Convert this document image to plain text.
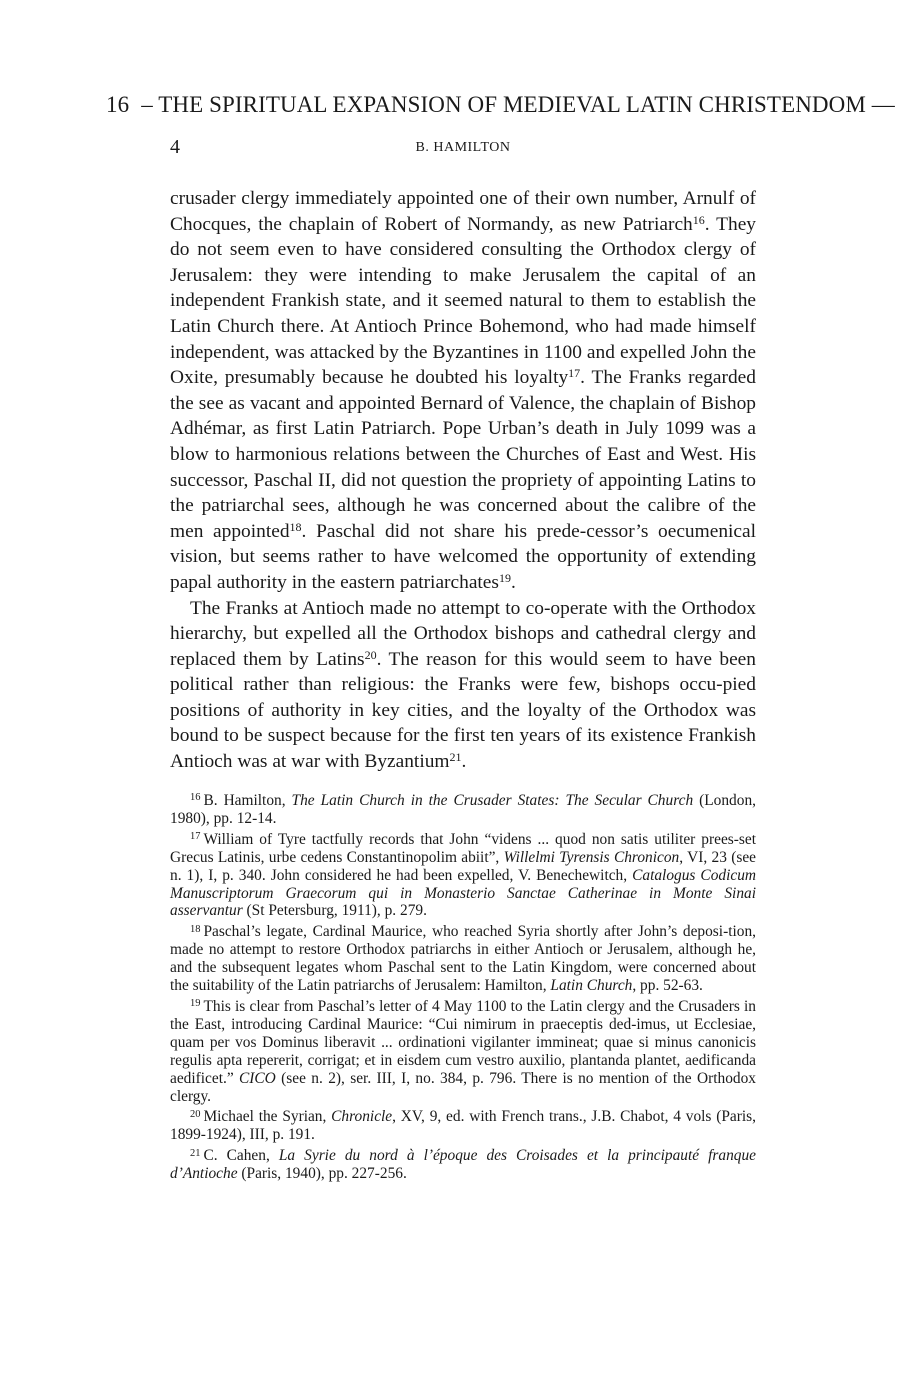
16 – THE SPIRITUAL EXPANSION OF MEDIEVAL LATIN CHRISTENDOM —
4	B. HAMILTON

crusader clergy immediately appointed one of their own number, Arnulf of Chocques, the chaplain of Robert of Normandy, as new Patriarch$^{16}$. They do not seem even to have considered consulting the Orthodox clergy of Jerusalem: they were intending to make Jerusalem the capital of an independent Frankish state, and it seemed natural to them to establish the Latin Church there. At Antioch Prince Bohemond, who had made himself independent, was attacked by the Byzantines in 1100 and expelled John the Oxite, presumably because he doubted his loyalty$^{17}$. The Franks regarded the see as vacant and appointed Bernard of Valence, the chaplain of Bishop Adhémar, as first Latin Patriarch. Pope Urban’s death in July 1099 was a blow to harmonious relations between the Churches of East and West. His successor, Paschal II, did not question the propriety of appointing Latins to the patriarchal sees, although he was concerned about the calibre of the men appointed$^{18}$. Paschal did not share his prede-cessor’s oecumenical vision, but seems rather to have welcomed the opportunity of extending papal authority in the eastern patriarchates$^{19}$.

The Franks at Antioch made no attempt to co-operate with the Orthodox hierarchy, but expelled all the Orthodox bishops and cathedral clergy and replaced them by Latins$^{20}$. The reason for this would seem to have been political rather than religious: the Franks were few, bishops occu-pied positions of authority in key cities, and the loyalty of the Orthodox was bound to be suspect because for the first ten years of its existence Frankish Antioch was at war with Byzantium$^{21}$.

$^{16}$ B. Hamilton, The Latin Church in the Crusader States: The Secular Church (London, 1980), pp. 12-14.

$^{17}$ William of Tyre tactfully records that John “videns ... quod non satis utiliter prees-set Grecus Latinis, urbe cedens Constantinopolim abiit”, Willelmi Tyrensis Chronicon, VI, 23 (see n. 1), I, p. 340. John considered he had been expelled, V. Benechewitch, Catalogus Codicum Manuscriptorum Graecorum qui in Monasterio Sanctae Catherinae in Monte Sinai asservantur (St Petersburg, 1911), p. 279.

$^{18}$ Paschal’s legate, Cardinal Maurice, who reached Syria shortly after John’s deposi-tion, made no attempt to restore Orthodox patriarchs in either Antioch or Jerusalem, although he, and the subsequent legates whom Paschal sent to the Latin Kingdom, were concerned about the suitability of the Latin patriarchs of Jerusalem: Hamilton, Latin Church, pp. 52-63.

$^{19}$ This is clear from Paschal’s letter of 4 May 1100 to the Latin clergy and the Crusaders in the East, introducing Cardinal Maurice: “Cui nimirum in praeceptis ded-imus, ut Ecclesiae, quam per vos Dominus liberavit ... ordinationi vigilanter immineat; quae si minus canonicis regulis apta repererit, corrigat; et in eisdem cum vestro auxilio, plantanda plantet, aedificanda aedificet.” CICO (see n. 2), ser. III, I, no. 384, p. 796. There is no mention of the Orthodox clergy.

$^{20}$ Michael the Syrian, Chronicle, XV, 9, ed. with French trans., J.B. Chabot, 4 vols (Paris, 1899-1924), III, p. 191.

$^{21}$ C. Cahen, La Syrie du nord à l’époque des Croisades et la principauté franque d’Antioche (Paris, 1940), pp. 227-256.
